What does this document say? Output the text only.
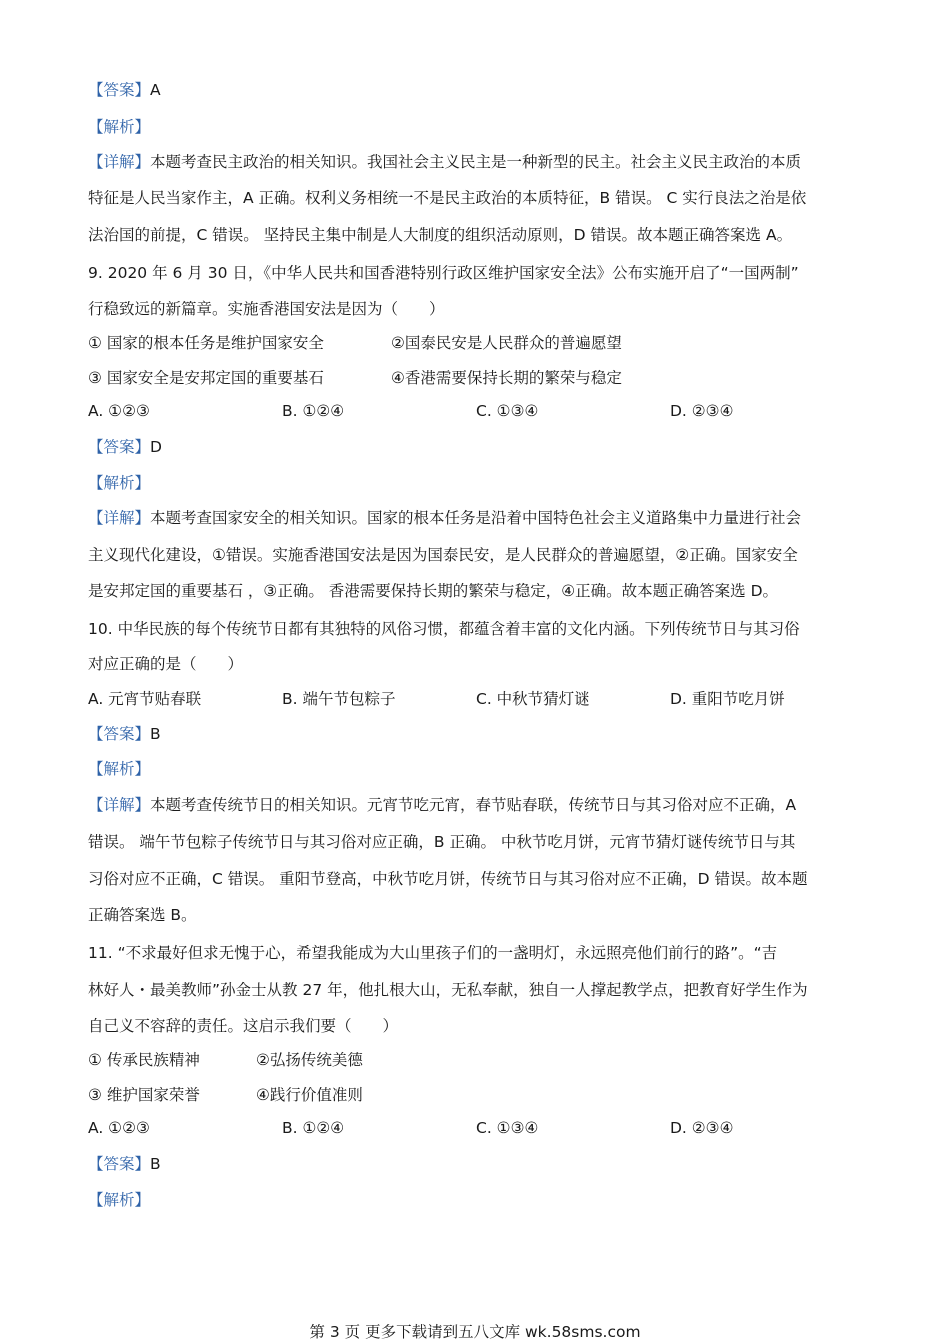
【答案】A
【解析】
【详解】本题考查民主政治的相关知识。我国社会主义民主是一种新型的民主。社会主义民主政治的本质
特征是人民当家作主，A 正确。权利义务相统一不是民主政治的本质特征，B 错误。 C 实行良法之治是依
法治国的前提，C 错误。 坚持民主集中制是人大制度的组织活动原则，D 错误。故本题正确答案选 A。
9. 2020 年 6 月 30 日，《中华人民共和国香港特别行政区维护国家安全法》公布实施开启了“一国两制”
行稳致远的新篇章。实施香港国安法是因为（　　）
① 国家的根本任务是维护国家安全	②国泰民安是人民群众的普遍愿望
③ 国家安全是安邦定国的重要基石	④香港需要保持长期的繁荣与稳定
A. ①②③	B. ①②④	C. ①③④	D. ②③④
【答案】D
【解析】
【详解】本题考查国家安全的相关知识。国家的根本任务是沿着中国特色社会主义道路集中力量进行社会
主义现代化建设，①错误。实施香港国安法是因为国泰民安，是人民群众的普遍愿望，②正确。国家安全
是安邦定国的重要基石 ，③正确。 香港需要保持长期的繁荣与稳定，④正确。故本题正确答案选 D。
10. 中华民族的每个传统节日都有其独特的风俗习惯，都蕴含着丰富的文化内涵。下列传统节日与其习俗
对应正确的是（　　）
A. 元宵节贴春联	B. 端午节包粽子	C. 中秋节猜灯谜	D. 重阳节吃月饼
【答案】B
【解析】
【详解】本题考查传统节日的相关知识。元宵节吃元宵，春节贴春联，传统节日与其习俗对应不正确，A
错误。 端午节包粽子传统节日与其习俗对应正确，B 正确。 中秋节吃月饼，元宵节猜灯谜传统节日与其
习俗对应不正确，C 错误。 重阳节登高，中秋节吃月饼，传统节日与其习俗对应不正确，D 错误。故本题
正确答案选 B。
11. “不求最好但求无愧于心，希望我能成为大山里孩子们的一盏明灯，永远照亮他们前行的路”。“吉
林好人・最美教师”孙金士从教 27 年，他扎根大山，无私奉献，独自一人撑起教学点，把教育好学生作为
自己义不容辞的责任。这启示我们要（　　）
① 传承民族精神	②弘扬传统美德
③ 维护国家荣誉	④践行价值准则
A. ①②③	B. ①②④	C. ①③④	D. ②③④
【答案】B
【解析】
第 3 页 更多下载请到五八文库 wk.58sms.com
